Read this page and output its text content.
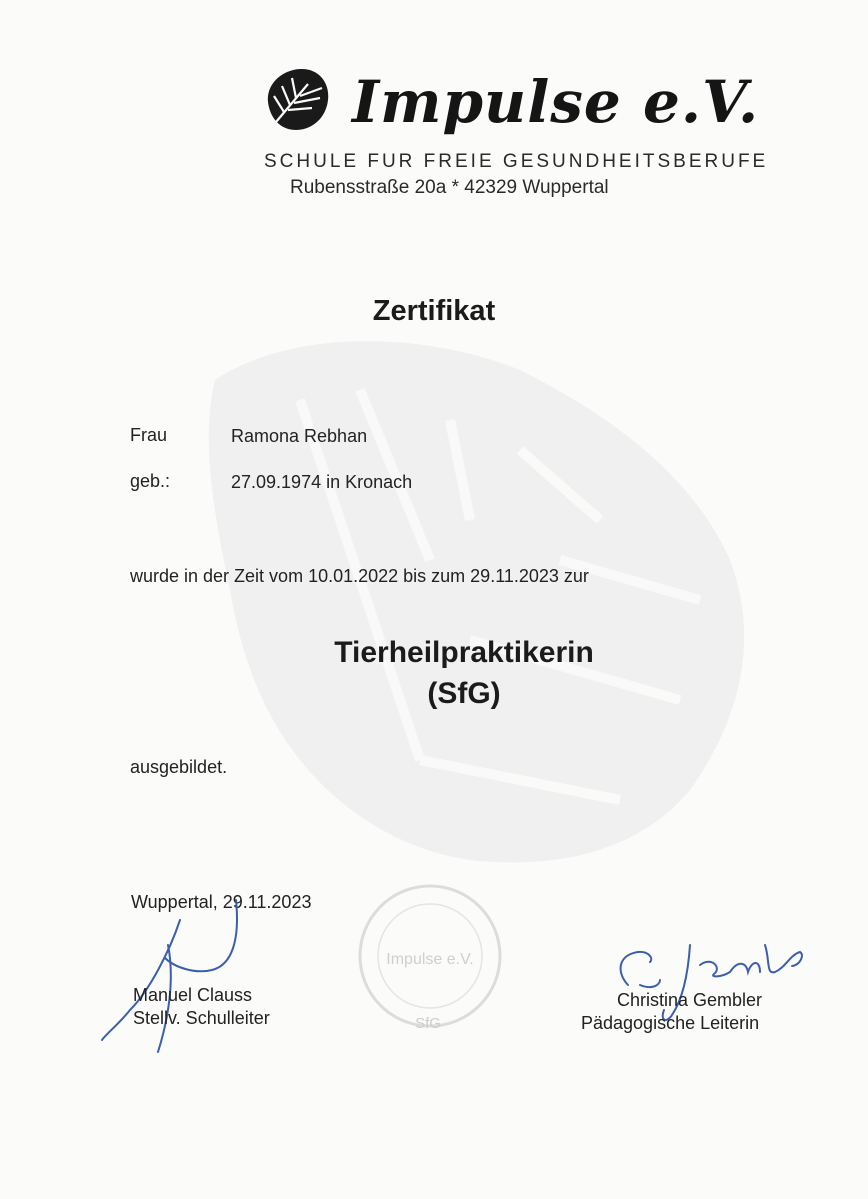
Impulse e.V.
SCHULE FUR FREIE GESUNDHEITSBERUFE
Rubensstraße 20a * 42329 Wuppertal
Zertifikat
Frau	Ramona Rebhan
geb.:	27.09.1974 in Kronach
wurde in der Zeit vom 10.01.2022 bis zum 29.11.2023 zur
Tierheilpraktikerin
(SfG)
ausgebildet.
Wuppertal, 29.11.2023
Impulse e.V.
SfG
Manuel Clauss
Stellv. Schulleiter
Christina Gembler
Pädagogische Leiterin
